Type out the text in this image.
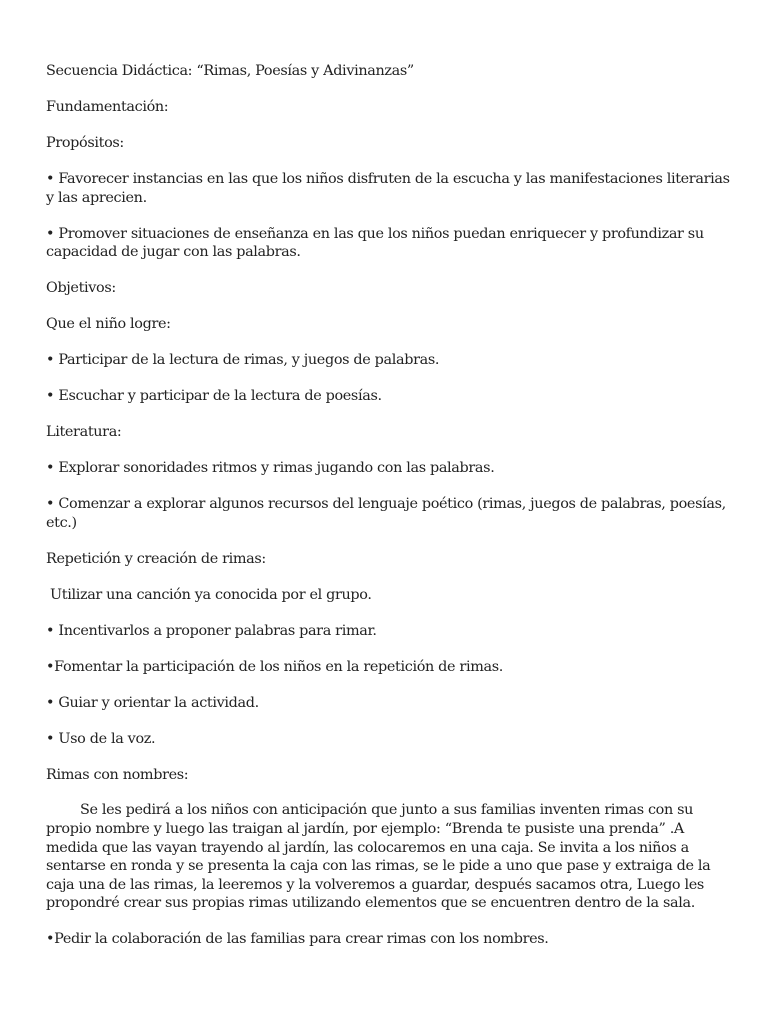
Secuencia Didáctica: “Rimas, Poesías y Adivinanzas”

Fundamentación:

Propósitos:

• Favorecer instancias en las que los niños disfruten de la escucha y las manifestaciones literarias y las aprecien.

• Promover situaciones de enseñanza en las que los niños puedan enriquecer y profundizar su capacidad de jugar con las palabras.

Objetivos:

Que el niño logre:

• Participar de la lectura de rimas, y juegos de palabras.

• Escuchar y participar de la lectura de poesías.

Literatura:

• Explorar sonoridades ritmos y rimas jugando con las palabras.

• Comenzar a explorar algunos recursos del lenguaje poético (rimas, juegos de palabras, poesías, etc.)

Repetición y creación de rimas:

Utilizar una canción ya conocida por el grupo.

• Incentivarlos a proponer palabras para rimar.

•Fomentar la participación de los niños en la repetición de rimas.

• Guiar y orientar la actividad.

• Uso de la voz.

Rimas con nombres:

Se les pedirá a los niños con anticipación que junto a sus familias inventen rimas con su propio nombre y luego las traigan al jardín, por ejemplo: “Brenda te pusiste una prenda” .A medida que las vayan trayendo al jardín, las colocaremos en una caja. Se invita a los niños a sentarse en ronda y se presenta la caja con las rimas, se le pide a uno que pase y extraiga de la caja una de las rimas, la leeremos y la volveremos a guardar, después sacamos otra, Luego les propondré crear sus propias rimas utilizando elementos que se encuentren dentro de la sala.

•Pedir la colaboración de las familias para crear rimas con los nombres.
